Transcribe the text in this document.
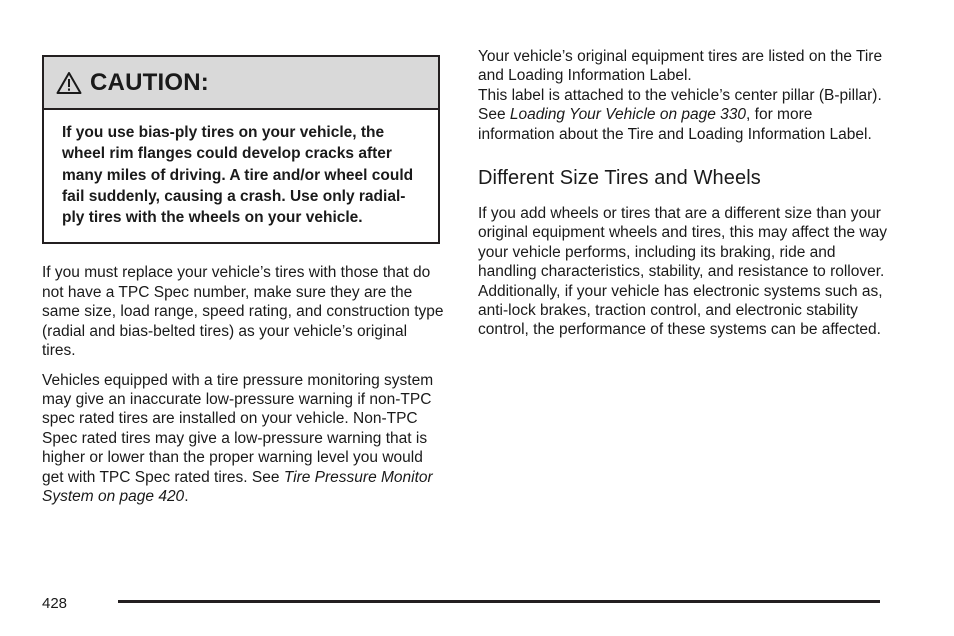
CAUTION:
If you use bias-ply tires on your vehicle, the wheel rim flanges could develop cracks after many miles of driving. A tire and/or wheel could fail suddenly, causing a crash. Use only radial-ply tires with the wheels on your vehicle.

If you must replace your vehicle’s tires with those that do not have a TPC Spec number, make sure they are the same size, load range, speed rating, and construction type (radial and bias-belted tires) as your vehicle’s original tires.

Vehicles equipped with a tire pressure monitoring system may give an inaccurate low-pressure warning if non-TPC spec rated tires are installed on your vehicle. Non-TPC Spec rated tires may give a low-pressure warning that is higher or lower than the proper warning level you would get with TPC Spec rated tires. See Tire Pressure Monitor System on page 420.

Your vehicle’s original equipment tires are listed on the Tire and Loading Information Label.
This label is attached to the vehicle’s center pillar (B-pillar). See Loading Your Vehicle on page 330, for more information about the Tire and Loading Information Label.

Different Size Tires and Wheels

If you add wheels or tires that are a different size than your original equipment wheels and tires, this may affect the way your vehicle performs, including its braking, ride and handling characteristics, stability, and resistance to rollover. Additionally, if your vehicle has electronic systems such as, anti-lock brakes, traction control, and electronic stability control, the performance of these systems can be affected.

428
